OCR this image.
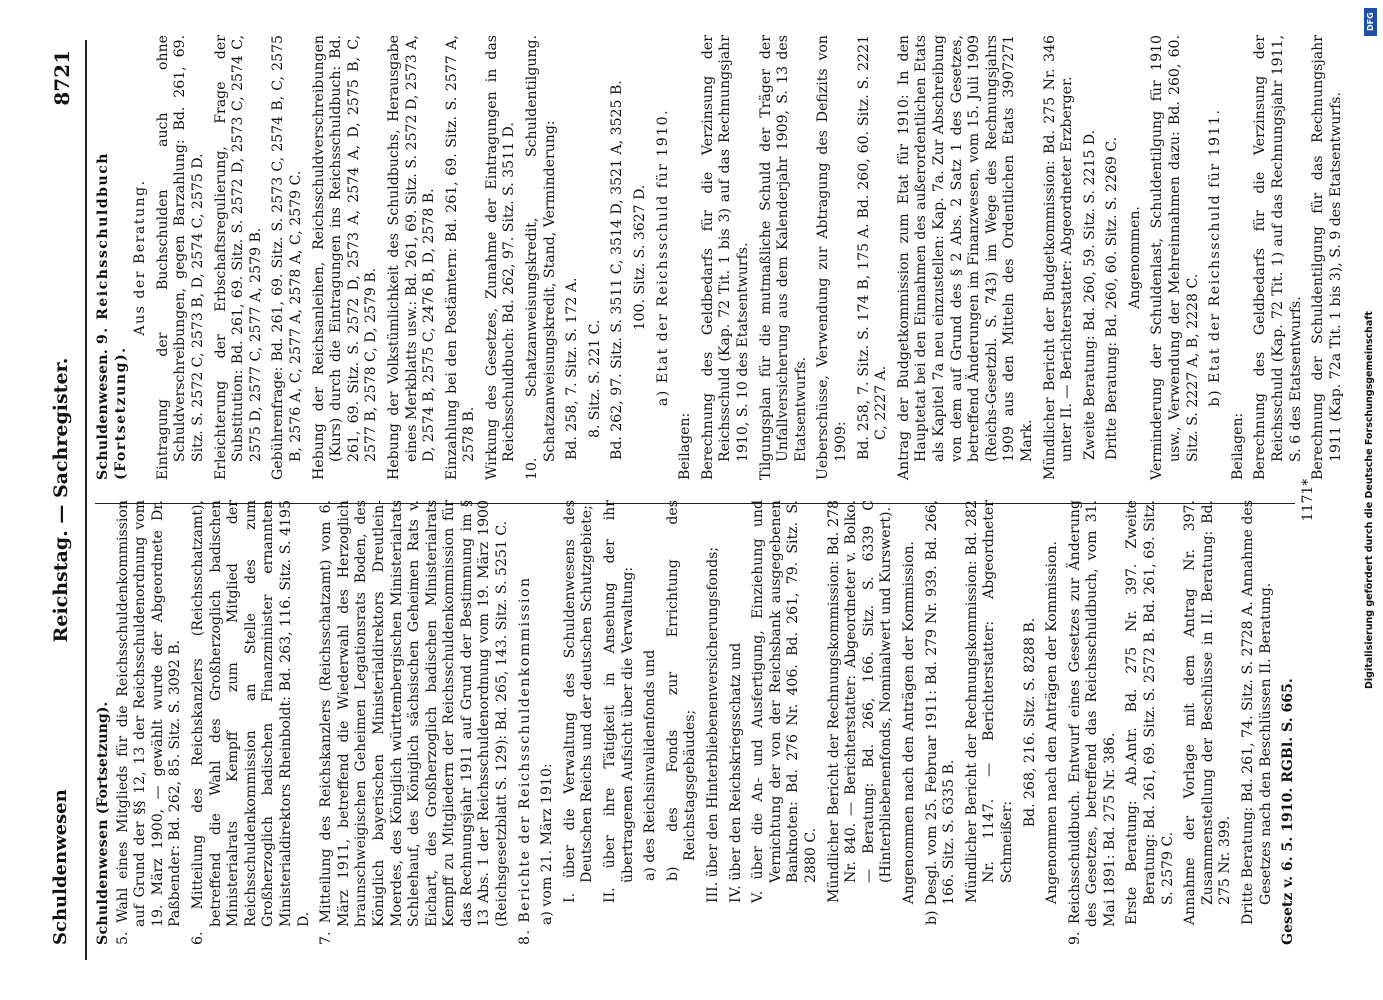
Schuldenwesen
Reichstag. — Sachregister.
8721
Schuldenwesen (Fortsetzung). 5. Wahl eines Mitglieds für die Reichsschuldenkommission auf Grund der §§ 12, 13 der Reichsschuldenordnung vom 19. März 1900, — gewählt wurde der Abgeordnete Dr. Paßbender: Bd. 262, 85. Sitz. S. 3092 B. 6. Mitteilung des Reichskanzlers (Reichsschatzamt), betreffend die Wahl des Großherzoglich badischen Ministerialrats Kempff zum Mitglied der Reichsschuldenkommission an Stelle des zum Großherzoglich badischen Finanzminister ernannten Ministerialdirektors Rheinboldt: Bd. 263, 116. Sitz. S. 4195 D. 7. Mitteilung des Reichskanzlers (Reichsschatzamt) vom 6. März 1911, betreffend die Wiederwahl des Herzoglich braunschweigischen Geheimen Legationsrats Boden, des Königlich bayerischen Ministerialdirektors Dreutlein-Moerdes, des Königlich württembergischen Ministerialrats Schleehauf, des Königlich sächsischen Geheimen Rats v. Eichart, des Großherzoglich badischen Ministerialrats Kempff zu Mitgliedern der Reichsschuldenkommission für das Rechnungsjahr 1911 auf Grund der Bestimmung im § 13 Abs. 1 der Reichsschuldenordnung vom 19. März 1900 (Reichsgesetzblatt S. 129): Bd. 265, 143. Sitz. S. 5251 C. 8. Berichte der Reichsschuldenkommission a) vom 21. März 1910: I. über die Verwaltung des Schuldenwesens des Deutschen Reichs und der deutschen Schutzgebiete; II. über ihre Tätigkeit in Ansehung der ihr übertragenen Aufsicht über die Verwaltung: a) des Reichsinvalidenfonds und b) des Fonds zur Errichtung des Reichstagsgebäudes; III. über den Hinterbliebenenversicherungsfonds; IV. über den Reichskriegsschatz und V. über die An- und Ausfertigung, Einziehung und Vernichtung der von der Reichsbank ausgegebenen Banknoten: Bd. 276 Nr. 406. Bd. 261, 79. Sitz. S. 2880 C. Mündlicher Bericht der Rechnungskommission: Bd. 278 Nr. 840. — Berichterstatter: Abgeordneter v. Bolko. — Beratung: Bd. 266, 166. Sitz. S. 6339 C (Hinterbliebenenfonds, Nominalwert und Kurswert). Angenommen nach den Anträgen der Kommission. b) Desgl. vom 25. Februar 1911: Bd. 279 Nr. 939. Bd. 266, 166. Sitz. S. 6335 B. Mündlicher Bericht der Rechnungskommission: Bd. 282 Nr. 1147. — Berichterstatter: Abgeordneter Schmeißer:

Bd. 268, 216. Sitz. S. 8288 B. Angenommen nach den Anträgen der Kommission. 9. Reichsschuldbuch. Entwurf eines Gesetzes zur Änderung des Gesetzes, betreffend das Reichsschuldbuch, vom 31. Mai 1891: Bd. 275 Nr. 386. Erste Beratung: Ab.Antr. Bd. 275 Nr. 397. Zweite Beratung: Bd. 261, 69. Sitz. S. 2572 B. Bd. 261, 69. Sitz. S. 2579 C. Annahme der Vorlage mit dem Antrag Nr. 397. Zusammenstellung der Beschlüsse in II. Beratung: Bd. 275 Nr. 399. Dritte Beratung: Bd. 261, 74. Sitz. S. 2728 A. Annahme des Gesetzes nach den Beschlüssen II. Beratung. Gesetz v. 6. 5. 1910. RGBl. S. 665.

Schuldenwesen. 9. Reichsschuldbuch (Fortsetzung).

Aus der Beratung. Eintragung der Buchschulden auch ohne Schuldverschreibungen, gegen Barzahlung: Bd. 261, 69. Sitz. S. 2572 C, 2573 B, D, 2574 C, 2575 D. Erleichterung der Erbschaftsregulierung, Frage der Substitution: Bd. 261, 69. Sitz. S. 2572 D, 2573 C, 2574 C, 2575 D, 2577 C, 2577 A, 2579 B. Gebührenfrage: Bd. 261, 69. Sitz. S. 2573 C, 2574 B, C, 2575 B, 2576 A, C, 2577 A, 2578 A, C, 2579 C. Hebung der Reichsanleihen, Reichsschuldverschreibungen (Kurs) durch die Eintragungen ins Reichsschuldbuch: Bd. 261, 69. Sitz. S. 2572 D, 2573 A, 2574 A, D, 2575 B, C, 2577 B, 2578 C, D, 2579 B. Hebung der Volkstümlichkeit des Schuldbuchs, Herausgabe eines Merkblatts usw.: Bd. 261, 69. Sitz. S. 2572 D, 2573 A, D, 2574 B, 2575 C, 2476 B, D, 2578 B. Einzahlung bei den Postämtern: Bd. 261, 69. Sitz. S. 2577 A, 2578 B. Wirkung des Gesetzes, Zunahme der Eintragungen in das Reichsschuldbuch: Bd. 262, 97. Sitz. S. 3511 D. 10. Schatzanweisungskredit, Schuldentilgung. Schatzanweisungskredit, Stand, Verminderung: Bd. 258, 7. Sitz. S. 172 A. 8. Sitz. S. 221 C. Bd. 262, 97. Sitz. S. 3511 C, 3514 D, 3521 A, 3525 B. 100. Sitz. S. 3627 D. a) Etat der Reichsschuld für 1910.

Beilagen: Berechnung des Geldbedarfs für die Verzinsung der Reichsschuld (Kap. 72 Tit. 1 bis 3) auf das Rechnungsjahr 1910, S. 10 des Etatsentwurfs. Tilgungsplan für die mutmaßliche Schuld der Träger der Unfallversicherung aus dem Kalenderjahr 1909, S. 13 des Etatsentwurfs. Ueberschüsse, Verwendung zur Abtragung des Defizits von 1909: Bd. 258, 7. Sitz. S. 174 B, 175 A. Bd. 260, 60. Sitz. S. 2221 C, 2227 A. Antrag der Budgetkommission zum Etat für 1910: In den Hauptetat bei den Einnahmen des außerordentlichen Etats als Kapitel 7a neu einzustellen: Kap. 7a. Zur Abschreibung von dem auf Grund des § 2 Abs. 2 Satz 1 des Gesetzes, betreffend Änderungen im Finanzwesen, vom 15. Juli 1909 (Reichs-Gesetzbl. S. 743) im Wege des Rechnungsjahrs 1909 aus den Mitteln des Ordentlichen Etats 3907271 Mark. Mündlicher Bericht der Budgetkommission: Bd. 275 Nr. 346 unter II. — Berichterstatter: Abgeordneter Erzberger. Zweite Beratung: Bd. 260, 59. Sitz. S. 2215 D. Dritte Beratung: Bd. 260, 60. Sitz. S. 2269 C. Angenommen. Verminderung der Schuldenlast, Schuldentilgung für 1910 usw., Verwendung der Mehreinnahmen dazu: Bd. 260, 60. Sitz. S. 2227 A, B, 2228 C. b) Etat der Reichsschuld für 1911.

Beilagen: Berechnung des Geldbedarfs für die Verzinsung der Reichsschuld (Kap. 72 Tit. 1) auf das Rechnungsjahr 1911, S. 6 des Etatsentwurfs. Berechnung der Schuldentilgung für das Rechnungsjahr 1911 (Kap. 72a Tit. 1 bis 3), S. 9 des Etatsentwurfs.

1171*	Digitalisierung gefördert durch die Deutsche Forschungsgemeinschaft
DFG
